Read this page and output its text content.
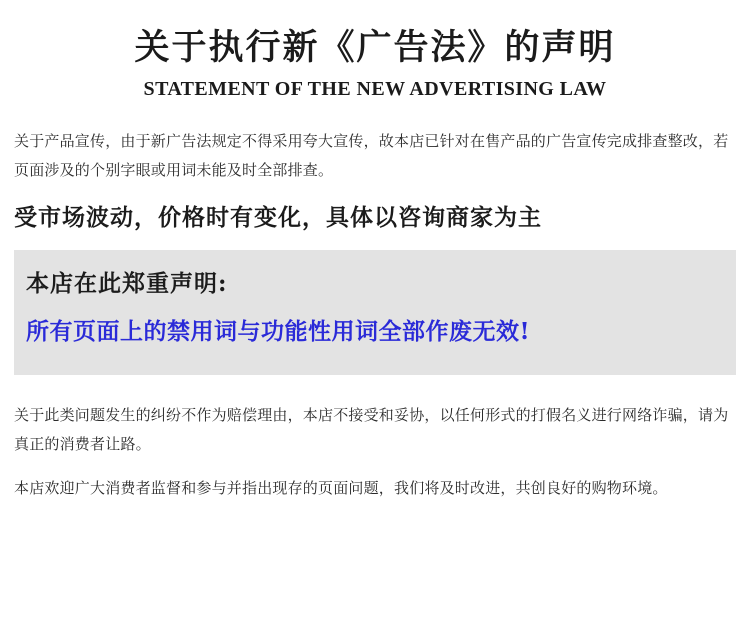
关于执行新《广告法》的声明
STATEMENT OF THE NEW ADVERTISING LAW

关于产品宣传，由于新广告法规定不得采用夸大宣传，故本店已针对在售产品的广告宣传完成排查整改，若页面涉及的个别字眼或用词未能及时全部排查。

受市场波动，价格时有变化，具体以咨询商家为主

本店在此郑重声明:

所有页面上的禁用词与功能性用词全部作废无效!

关于此类问题发生的纠纷不作为赔偿理由，本店不接受和妥协，以任何形式的打假名义进行网络诈骗，请为真正的消费者让路。

本店欢迎广大消费者监督和参与并指出现存的页面问题，我们将及时改进，共创良好的购物环境。
